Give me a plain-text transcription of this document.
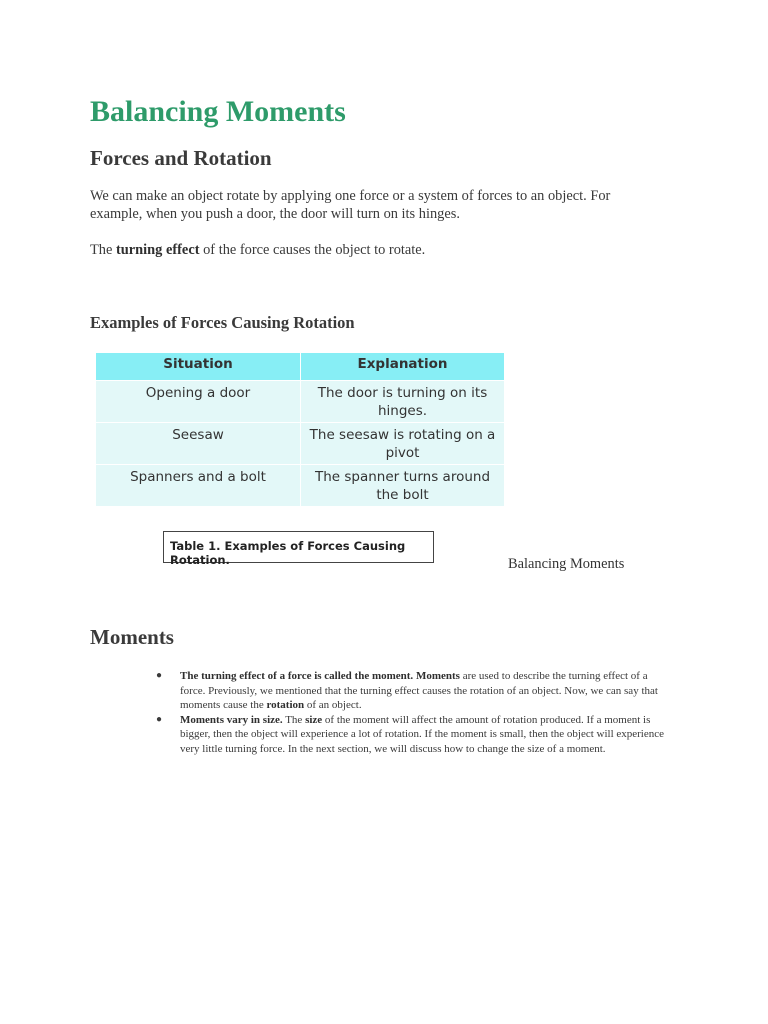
Balancing Moments
Forces and Rotation

We can make an object rotate by applying one force or a system of forces to an object. For example, when you push a door, the door will turn on its hinges.

The turning effect of the force causes the object to rotate.

Examples of Forces Causing Rotation
Situation	Explanation
Opening a door	The door is turning on its hinges.
Seesaw	The seesaw is rotating on a pivot
Spanners and a bolt	The spanner turns around the bolt
Table 1. Examples of Forces Causing Rotation.	Balancing Moments

Moments
● The turning effect of a force is called the moment. Moments are used to describe the turning effect of a force. Previously, we mentioned that the turning effect causes the rotation of an object. Now, we can say that moments cause the rotation of an object.
● Moments vary in size. The size of the moment will affect the amount of rotation produced. If a moment is bigger, then the object will experience a lot of rotation. If the moment is small, then the object will experience very little turning force. In the next section, we will discuss how to change the size of a moment.
